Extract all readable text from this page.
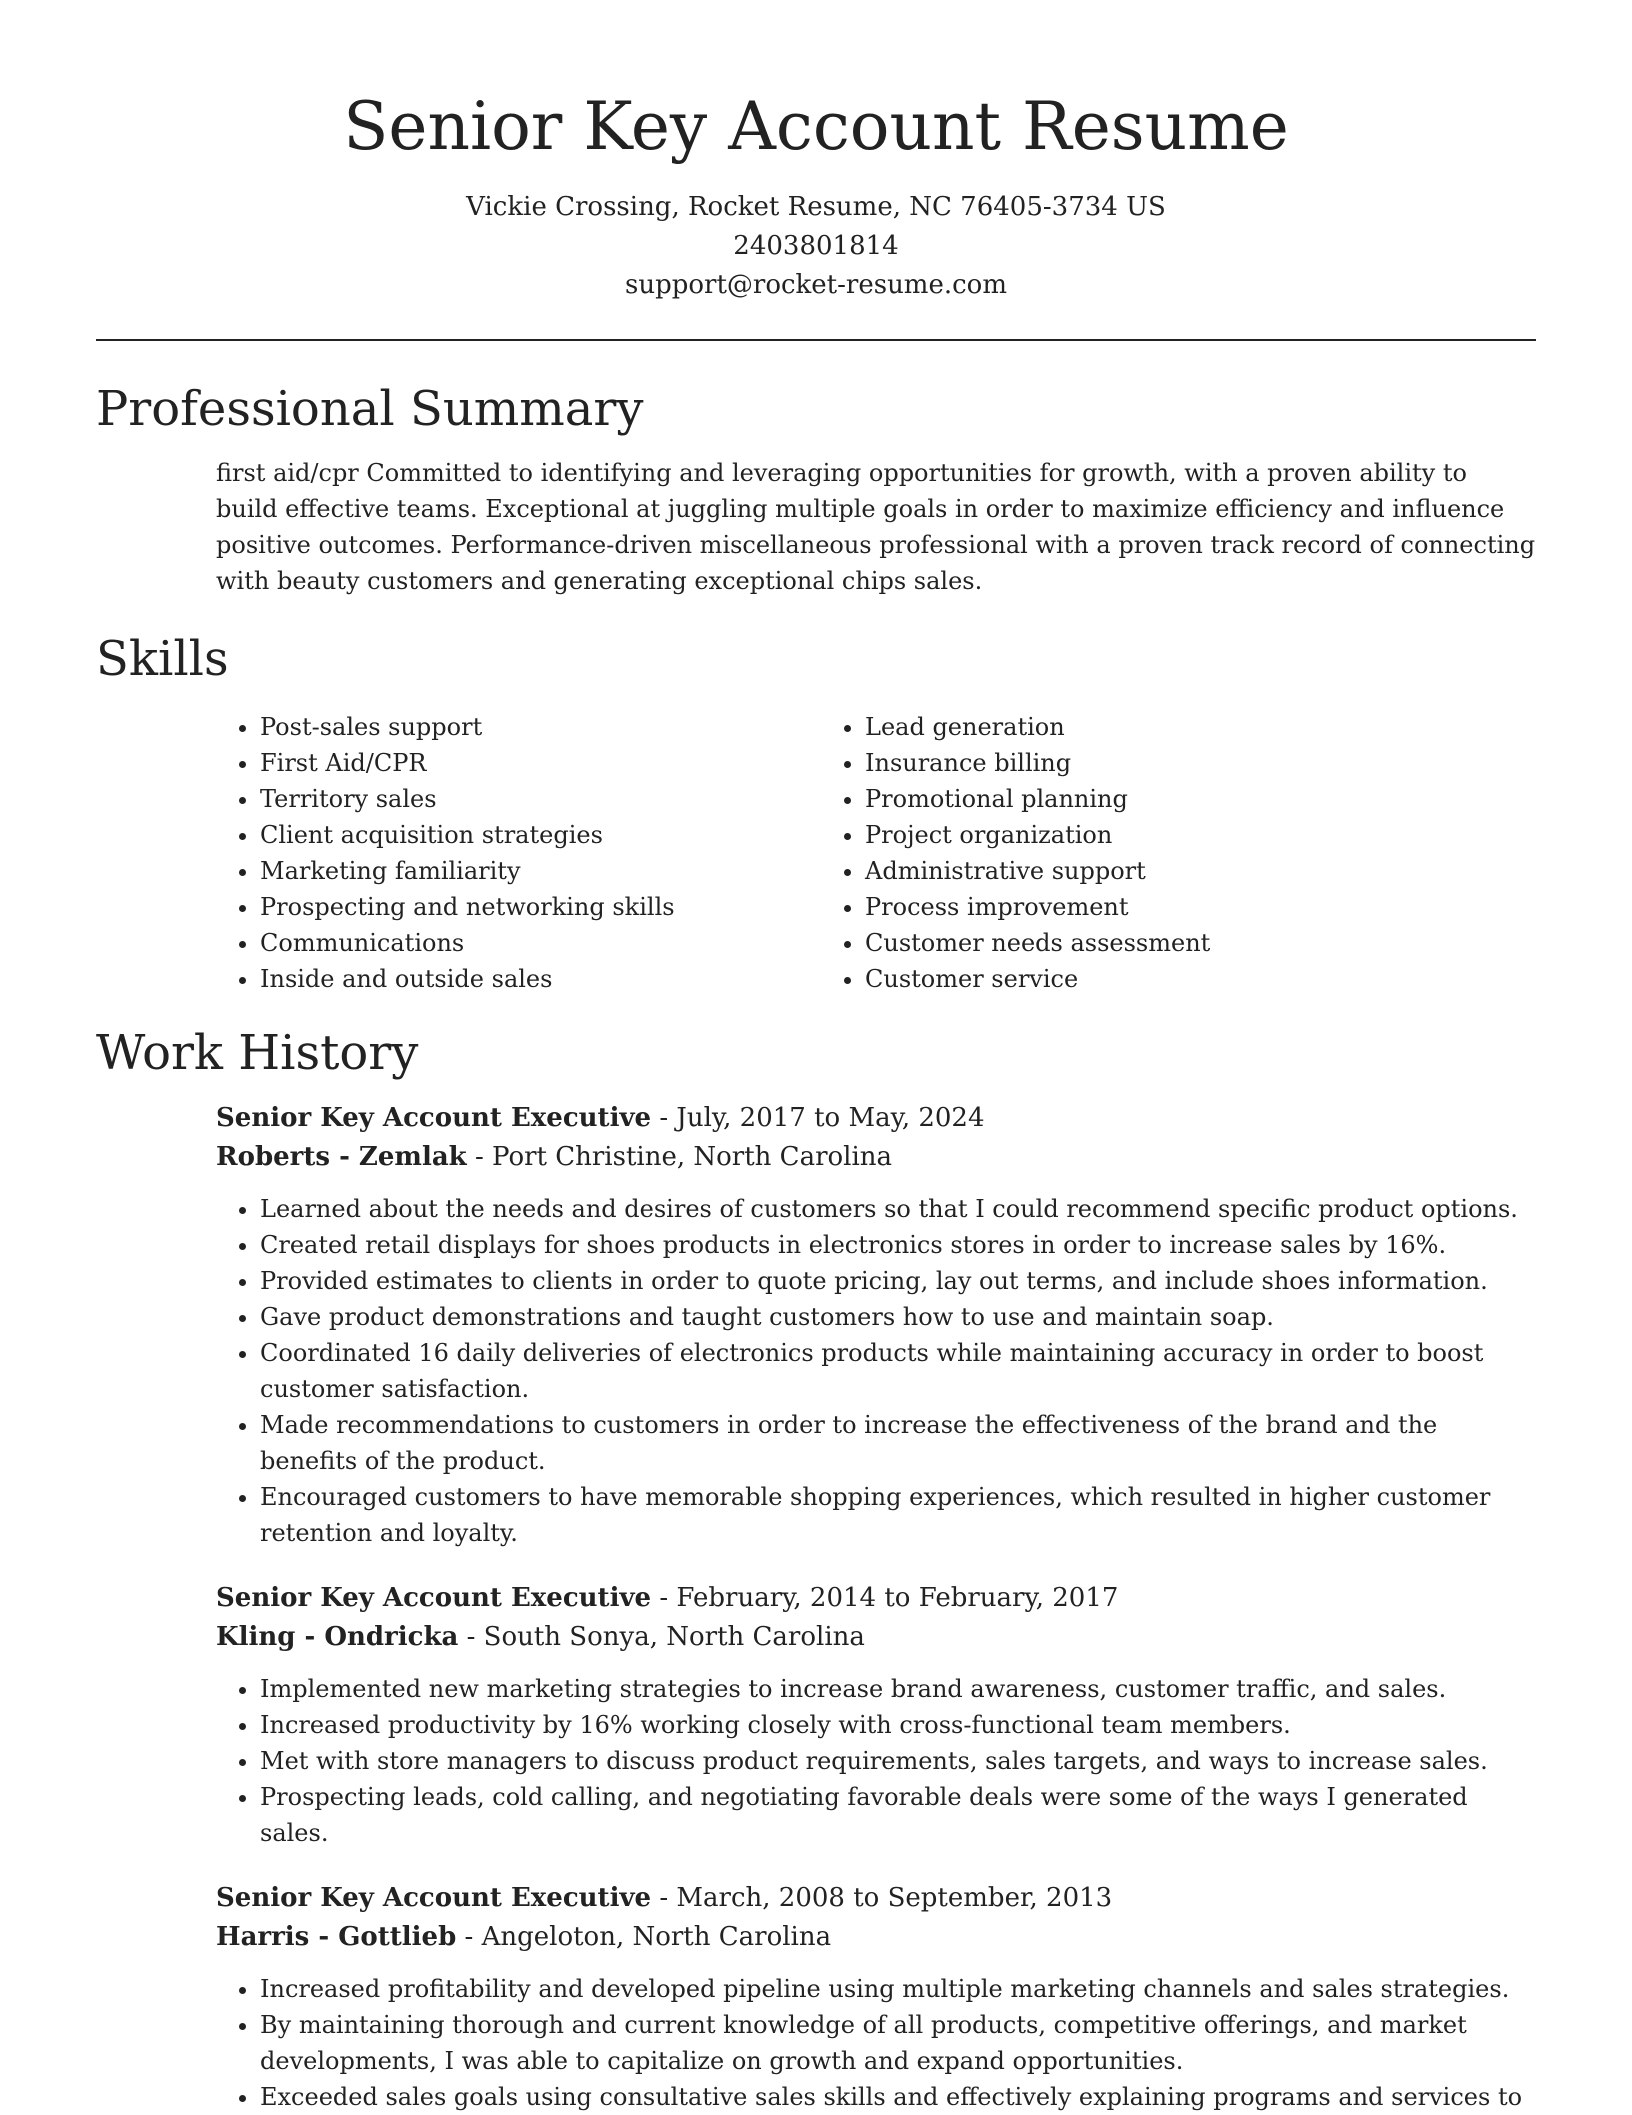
Senior Key Account Resume
Vickie Crossing, Rocket Resume, NC 76405-3734 US
2403801814
support@rocket-resume.com
Professional Summary

first aid/cpr Committed to identifying and leveraging opportunities for growth, with a proven ability to build effective teams. Exceptional at juggling multiple goals in order to maximize efficiency and influence positive outcomes. Performance-driven miscellaneous professional with a proven track record of connecting with beauty customers and generating exceptional chips sales.

Skills
• Post-sales support
• First Aid/CPR
• Territory sales
• Client acquisition strategies
• Marketing familiarity
• Prospecting and networking skills
• Communications
• Inside and outside sales
• Lead generation
• Insurance billing
• Promotional planning
• Project organization
• Administrative support
• Process improvement
• Customer needs assessment
• Customer service
Work History
Senior Key Account Executive - July, 2017 to May, 2024
Roberts - Zemlak - Port Christine, North Carolina
• Learned about the needs and desires of customers so that I could recommend specific product options.
• Created retail displays for shoes products in electronics stores in order to increase sales by 16%.
• Provided estimates to clients in order to quote pricing, lay out terms, and include shoes information.
• Gave product demonstrations and taught customers how to use and maintain soap.
• Coordinated 16 daily deliveries of electronics products while maintaining accuracy in order to boost customer satisfaction.
• Made recommendations to customers in order to increase the effectiveness of the brand and the benefits of the product.
• Encouraged customers to have memorable shopping experiences, which resulted in higher customer retention and loyalty.
Senior Key Account Executive - February, 2014 to February, 2017
Kling - Ondricka - South Sonya, North Carolina
• Implemented new marketing strategies to increase brand awareness, customer traffic, and sales.
• Increased productivity by 16% working closely with cross-functional team members.
• Met with store managers to discuss product requirements, sales targets, and ways to increase sales.
• Prospecting leads, cold calling, and negotiating favorable deals were some of the ways I generated sales.
Senior Key Account Executive - March, 2008 to September, 2013
Harris - Gottlieb - Angeloton, North Carolina
• Increased profitability and developed pipeline using multiple marketing channels and sales strategies.
• By maintaining thorough and current knowledge of all products, competitive offerings, and market developments, I was able to capitalize on growth and expand opportunities.
• Exceeded sales goals using consultative sales skills and effectively explaining programs and services to
